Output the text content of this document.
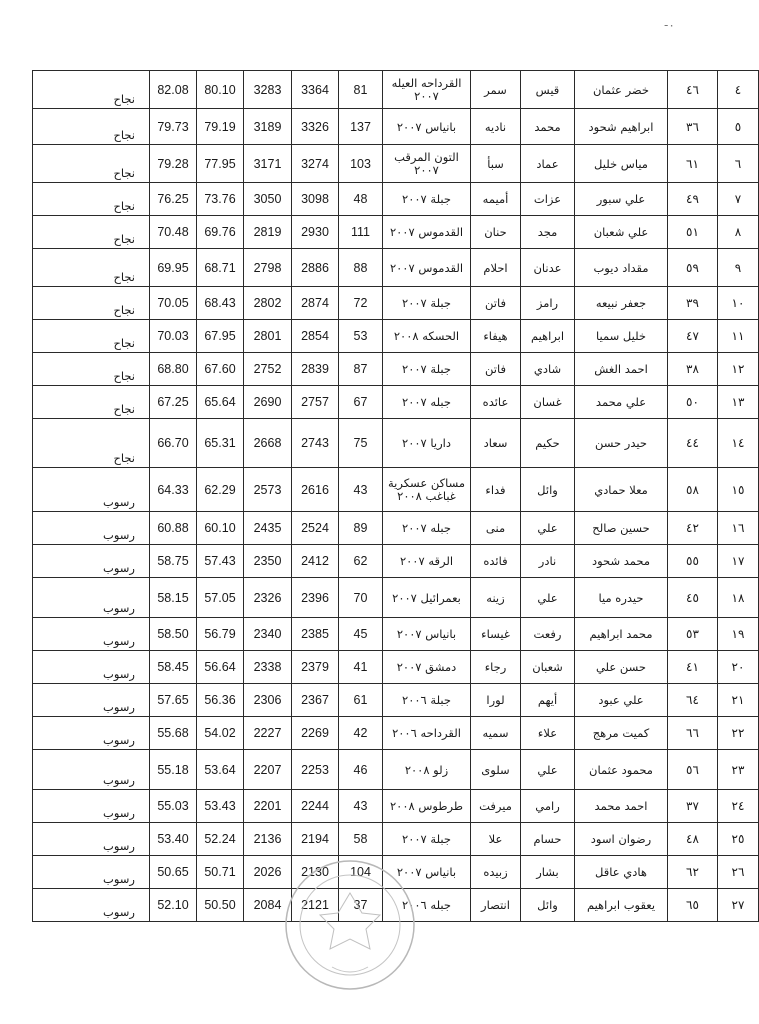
-٠
٤	٤٦	خضر عثمان	قيس	سمر	القرداحه العيله ٢٠٠٧	81	3364	3283	80.10	82.08	نجاح
٥	٣٦	ابراهيم شحود	محمد	ناديه	بانياس ٢٠٠٧	137	3326	3189	79.19	79.73	نجاح
٦	٦١	مياس خليل	عماد	سبأ	التون المرقب ٢٠٠٧	103	3274	3171	77.95	79.28	نجاح
٧	٤٩	علي سبور	عزات	أميمه	جبلة ٢٠٠٧	48	3098	3050	73.76	76.25	نجاح
٨	٥١	علي شعبان	مجد	حنان	القدموس ٢٠٠٧	111	2930	2819	69.76	70.48	نجاح
٩	٥٩	مقداد ديوب	عدنان	احلام	القدموس ٢٠٠٧	88	2886	2798	68.71	69.95	نجاح
١٠	٣٩	جعفر نبيعه	رامز	فاتن	جبلة ٢٠٠٧	72	2874	2802	68.43	70.05	نجاح
١١	٤٧	خليل سميا	ابراهيم	هيفاء	الحسكه ٢٠٠٨	53	2854	2801	67.95	70.03	نجاح
١٢	٣٨	احمد الغش	شادي	فاتن	جبلة ٢٠٠٧	87	2839	2752	67.60	68.80	نجاح
١٣	٥٠	علي محمد	غسان	عائده	جبله ٢٠٠٧	67	2757	2690	65.64	67.25	نجاح
١٤	٤٤	حيدر حسن	حكيم	سعاد	داريا ٢٠٠٧	75	2743	2668	65.31	66.70	نجاح
١٥	٥٨	معلا حمادي	وائل	فداء	مساكن عسكرية غباغب ٢٠٠٨	43	2616	2573	62.29	64.33	رسوب
١٦	٤٢	حسين صالح	علي	منى	جبله ٢٠٠٧	89	2524	2435	60.10	60.88	رسوب
١٧	٥٥	محمد شحود	نادر	فائده	الرقه ٢٠٠٧	62	2412	2350	57.43	58.75	رسوب
١٨	٤٥	حيدره ميا	علي	زينه	بعمرائيل ٢٠٠٧	70	2396	2326	57.05	58.15	رسوب
١٩	٥٣	محمد ابراهيم	رفعت	غيساء	بانياس ٢٠٠٧	45	2385	2340	56.79	58.50	رسوب
٢٠	٤١	حسن علي	شعبان	رجاء	دمشق ٢٠٠٧	41	2379	2338	56.64	58.45	رسوب
٢١	٦٤	علي عبود	أيهم	لورا	جبلة ٢٠٠٦	61	2367	2306	56.36	57.65	رسوب
٢٢	٦٦	كميت مرهج	علاء	سميه	القرداحه ٢٠٠٦	42	2269	2227	54.02	55.68	رسوب
٢٣	٥٦	محمود عثمان	علي	سلوى	زلو ٢٠٠٨	46	2253	2207	53.64	55.18	رسوب
٢٤	٣٧	احمد محمد	رامي	ميرفت	طرطوس ٢٠٠٨	43	2244	2201	53.43	55.03	رسوب
٢٥	٤٨	رضوان اسود	حسام	علا	جبلة ٢٠٠٧	58	2194	2136	52.24	53.40	رسوب
٢٦	٦٢	هادي عاقل	بشار	زبيده	بانياس ٢٠٠٧	104	2130	2026	50.71	50.65	رسوب
٢٧	٦٥	يعقوب ابراهيم	وائل	انتصار	جبله ٢٠٠٦	37	2121	2084	50.50	52.10	رسوب
